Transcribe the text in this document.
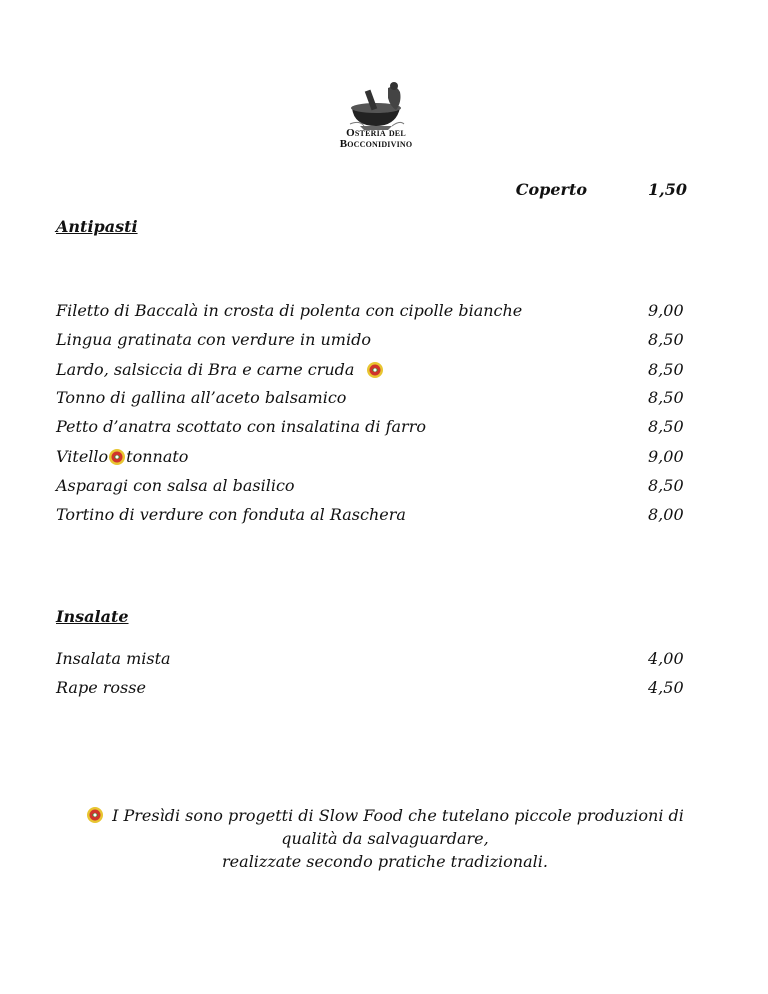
Osteria del
Bocconidivino
Coperto	1,50
Antipasti
Filetto di Baccalà in crosta di polenta con cipolle bianche	9,00
Lingua gratinata con verdure in umido	8,50
Lardo, salsiccia di Bra e carne cruda	8,50
Tonno di gallina all’aceto balsamico	8,50
Petto d’anatra scottato con insalatina di farro	8,50
Vitello tonnato	9,00
Asparagi con salsa al basilico	8,50
Tortino di verdure con fonduta al Raschera	8,00
Insalate
Insalata mista	4,00
Rape rosse	4,50
I Presìdi sono progetti di Slow Food che tutelano piccole produzioni di
qualità da salvaguardare,
realizzate secondo pratiche tradizionali.
